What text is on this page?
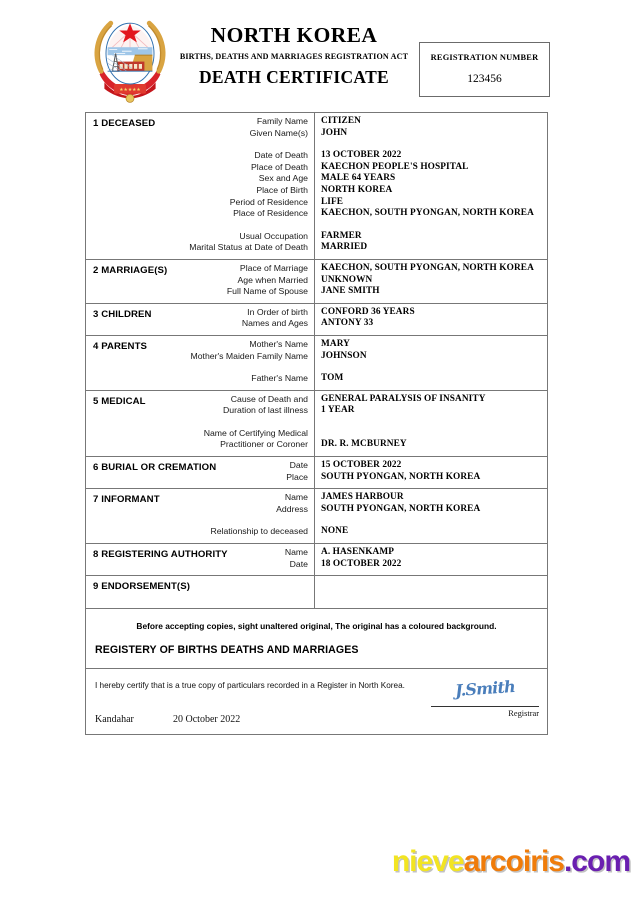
★★★★★
NORTH KOREA
BIRTHS, DEATHS AND MARRIAGES REGISTRATION ACT
DEATH CERTIFICATE
REGISTRATION NUMBER
123456
1 DECEASED	Family Name	CITIZEN
Given Name(s)	JOHN
Date of Death	13 OCTOBER 2022
Place of Death	KAECHON PEOPLE'S HOSPITAL
Sex and Age	MALE 64 YEARS
Place of Birth	NORTH KOREA
Period of Residence	LIFE
Place of Residence	KAECHON, SOUTH PYONGAN, NORTH KOREA
Usual Occupation	FARMER
Marital Status at Date of Death	MARRIED
2 MARRIAGE(S)	Place of Marriage	KAECHON, SOUTH PYONGAN, NORTH KOREA
Age when Married	UNKNOWN
Full Name of Spouse	JANE SMITH
3 CHILDREN	In Order of birth	CONFORD 36 YEARS
Names and Ages	ANTONY 33
4 PARENTS	Mother's Name	MARY
Mother's Maiden Family Name	JOHNSON
Father's Name	TOM
5 MEDICAL	Cause of Death and	GENERAL PARALYSIS OF INSANITY
Duration of last illness	1 YEAR
Name of Certifying Medical
Practitioner or Coroner	DR. R. MCBURNEY
6 BURIAL OR CREMATION	Date	15 OCTOBER 2022
Place	SOUTH PYONGAN, NORTH KOREA
7 INFORMANT	Name	JAMES HARBOUR
Address	SOUTH PYONGAN, NORTH KOREA
Relationship to deceased	NONE
8 REGISTERING AUTHORITY	Name	A. HASENKAMP
Date	18 OCTOBER 2022
9 ENDORSEMENT(S)
Before accepting copies, sight unaltered original, The original has a coloured background.
REGISTERY OF BIRTHS DEATHS AND MARRIAGES
I hereby certify that is a true copy of particulars recorded in a Register in North Korea.
Kandahar	20 October 2022
J.Smith
Registrar
nievearcoiris.com
